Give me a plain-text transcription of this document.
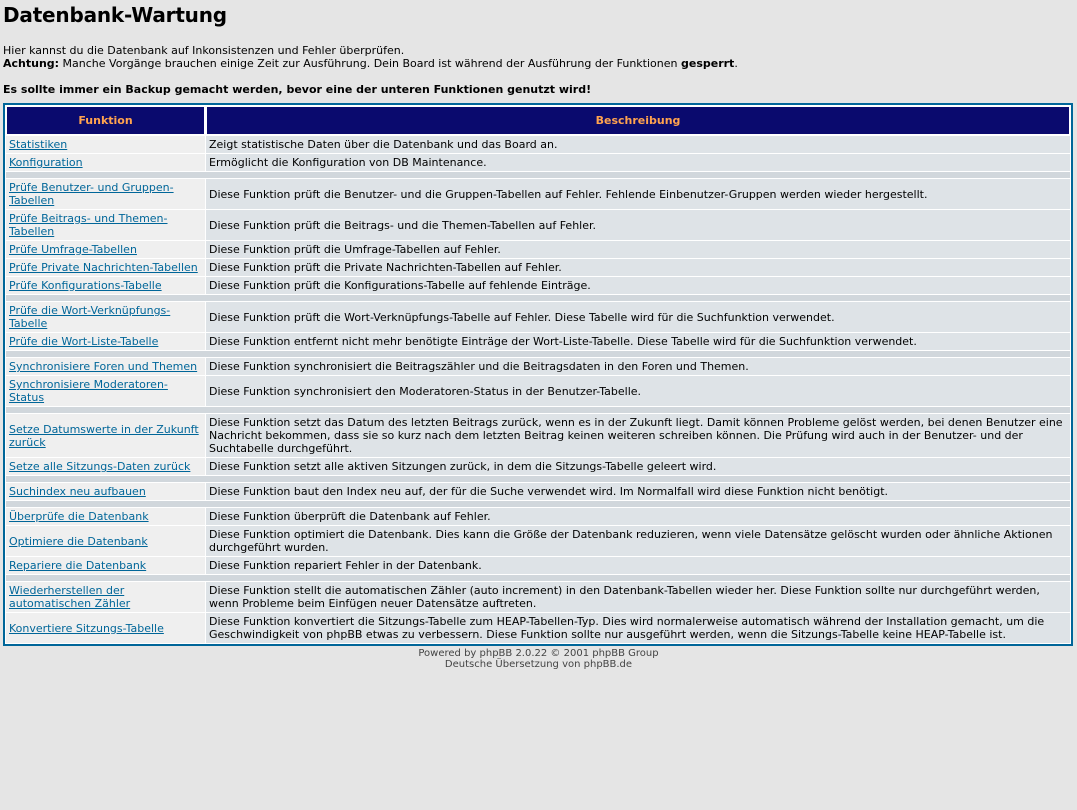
Datenbank-Wartung
Hier kannst du die Datenbank auf Inkonsistenzen und Fehler überprüfen.
Achtung: Manche Vorgänge brauchen einige Zeit zur Ausführung. Dein Board ist während der Ausführung der Funktionen gesperrt.
Es sollte immer ein Backup gemacht werden, bevor eine der unteren Funktionen genutzt wird!
Funktion	Beschreibung
Statistiken	Zeigt statistische Daten über die Datenbank und das Board an.
Konfiguration	Ermöglicht die Konfiguration von DB Maintenance.

Prüfe Benutzer- und Gruppen-Tabellen	Diese Funktion prüft die Benutzer- und die Gruppen-Tabellen auf Fehler. Fehlende Einbenutzer-Gruppen werden wieder hergestellt.
Prüfe Beitrags- und Themen-Tabellen	Diese Funktion prüft die Beitrags- und die Themen-Tabellen auf Fehler.
Prüfe Umfrage-Tabellen	Diese Funktion prüft die Umfrage-Tabellen auf Fehler.
Prüfe Private Nachrichten-Tabellen	Diese Funktion prüft die Private Nachrichten-Tabellen auf Fehler.
Prüfe Konfigurations-Tabelle	Diese Funktion prüft die Konfigurations-Tabelle auf fehlende Einträge.

Prüfe die Wort-Verknüpfungs-Tabelle	Diese Funktion prüft die Wort-Verknüpfungs-Tabelle auf Fehler. Diese Tabelle wird für die Suchfunktion verwendet.
Prüfe die Wort-Liste-Tabelle	Diese Funktion entfernt nicht mehr benötigte Einträge der Wort-Liste-Tabelle. Diese Tabelle wird für die Suchfunktion verwendet.

Synchronisiere Foren und Themen	Diese Funktion synchronisiert die Beitragszähler und die Beitragsdaten in den Foren und Themen.
Synchronisiere Moderatoren-Status	Diese Funktion synchronisiert den Moderatoren-Status in der Benutzer-Tabelle.

Setze Datumswerte in der Zukunft zurück	Diese Funktion setzt das Datum des letzten Beitrags zurück, wenn es in der Zukunft liegt. Damit können Probleme gelöst werden, bei denen Benutzer eine Nachricht bekommen, dass sie so kurz nach dem letzten Beitrag keinen weiteren schreiben können. Die Prüfung wird auch in der Benutzer- und der Suchtabelle durchgeführt.
Setze alle Sitzungs-Daten zurück	Diese Funktion setzt alle aktiven Sitzungen zurück, in dem die Sitzungs-Tabelle geleert wird.

Suchindex neu aufbauen	Diese Funktion baut den Index neu auf, der für die Suche verwendet wird. Im Normalfall wird diese Funktion nicht benötigt.

Überprüfe die Datenbank	Diese Funktion überprüft die Datenbank auf Fehler.
Optimiere die Datenbank	Diese Funktion optimiert die Datenbank. Dies kann die Größe der Datenbank reduzieren, wenn viele Datensätze gelöscht wurden oder ähnliche Aktionen durchgeführt wurden.
Repariere die Datenbank	Diese Funktion repariert Fehler in der Datenbank.

Wiederherstellen der automatischen Zähler	Diese Funktion stellt die automatischen Zähler (auto increment) in den Datenbank-Tabellen wieder her. Diese Funktion sollte nur durchgeführt werden, wenn Probleme beim Einfügen neuer Datensätze auftreten.
Konvertiere Sitzungs-Tabelle	Diese Funktion konvertiert die Sitzungs-Tabelle zum HEAP-Tabellen-Typ. Dies wird normalerweise automatisch während der Installation gemacht, um die Geschwindigkeit von phpBB etwas zu verbessern. Diese Funktion sollte nur ausgeführt werden, wenn die Sitzungs-Tabelle keine HEAP-Tabelle ist.
Powered by phpBB 2.0.22 © 2001 phpBB Group
Deutsche Übersetzung von phpBB.de
